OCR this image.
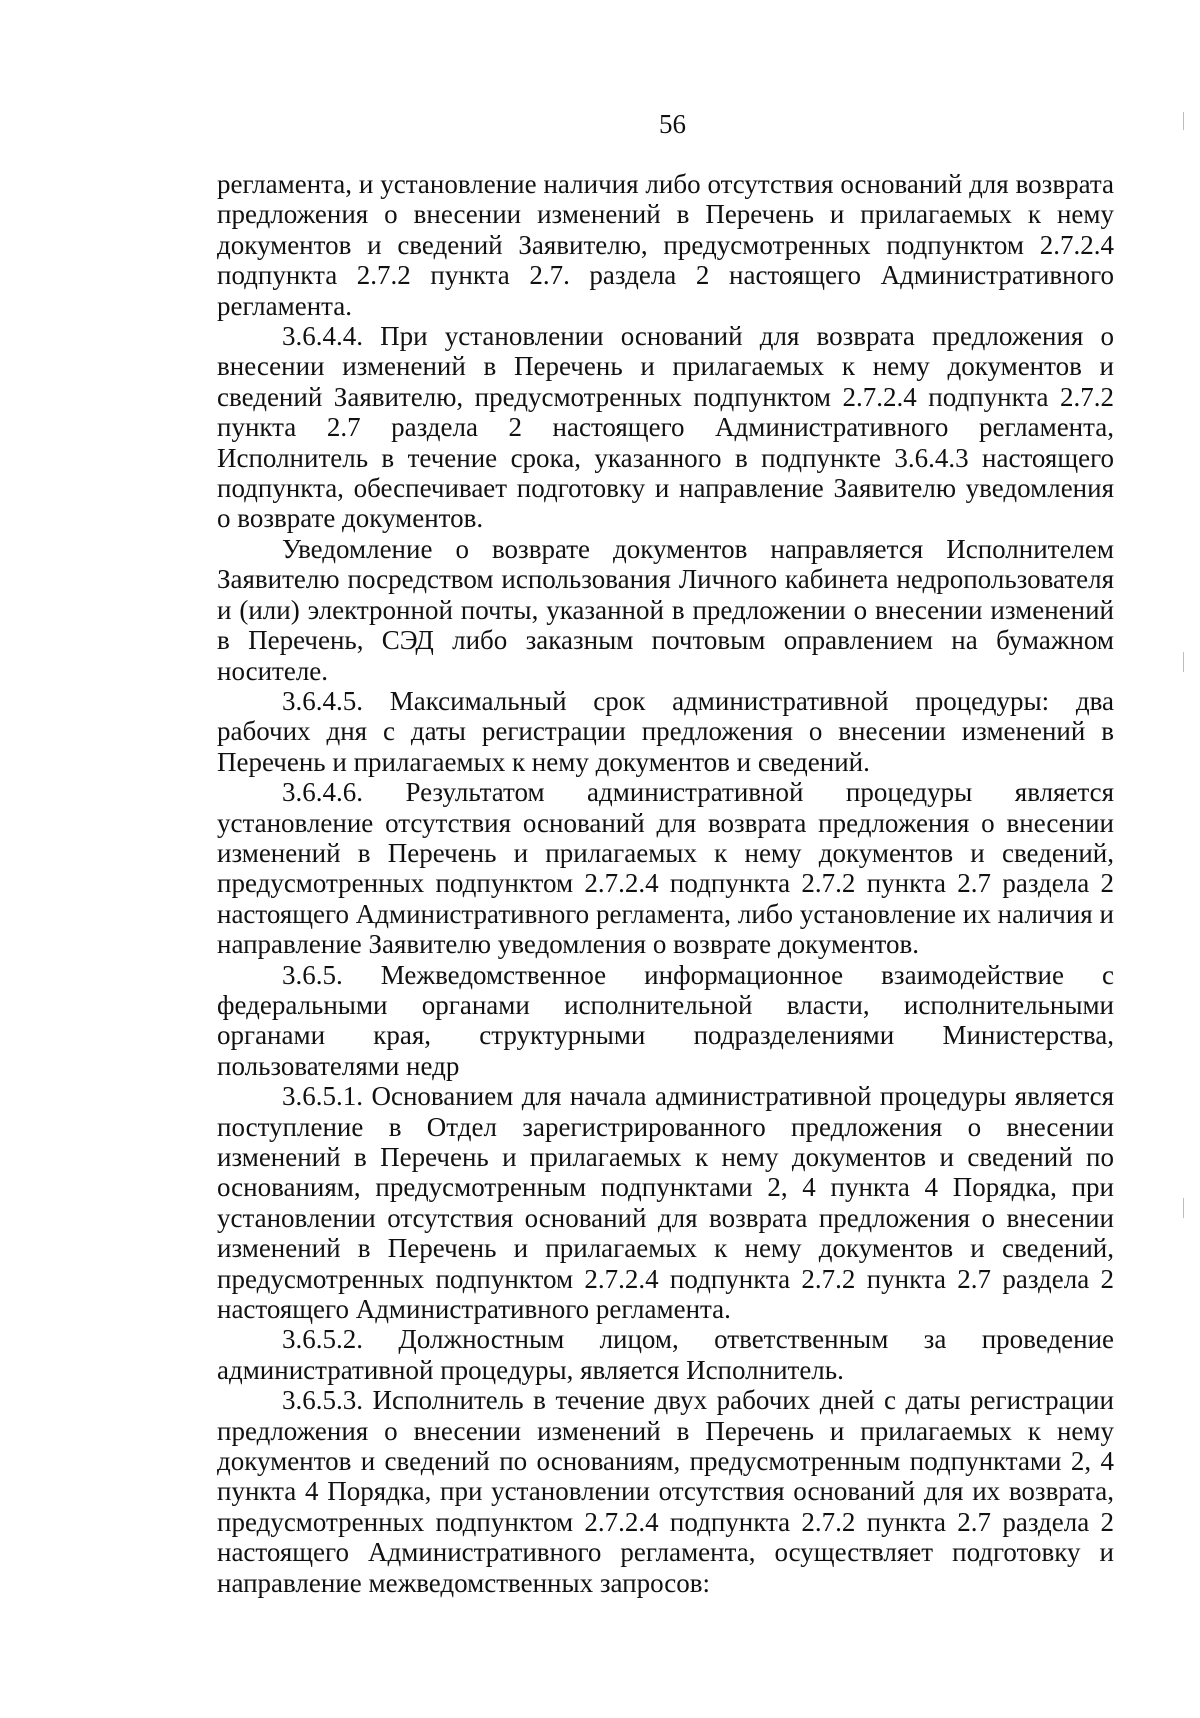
56

регламента, и установление наличия либо отсутствия оснований для возврата предложения о внесении изменений в Перечень и прилагаемых к нему документов и сведений Заявителю, предусмотренных подпунктом 2.7.2.4 подпункта 2.7.2 пункта 2.7. раздела 2 настоящего Административного регламента.

3.6.4.4. При установлении оснований для возврата предложения о внесении изменений в Перечень и прилагаемых к нему документов и сведений Заявителю, предусмотренных подпунктом 2.7.2.4 подпункта 2.7.2 пункта 2.7 раздела 2 настоящего Административного регламента, Исполнитель в течение срока, указанного в подпункте 3.6.4.3 настоящего подпункта, обеспечивает подготовку и направление Заявителю уведомления о возврате документов.

Уведомление о возврате документов направляется Исполнителем Заявителю посредством использования Личного кабинета недропользователя и (или) электронной почты, указанной в предложении о внесении изменений в Перечень, СЭД либо заказным почтовым оправлением на бумажном носителе.

3.6.4.5. Максимальный срок административной процедуры: два рабочих дня с даты регистрации предложения о внесении изменений в Перечень и прилагаемых к нему документов и сведений.

3.6.4.6. Результатом административной процедуры является установление отсутствия оснований для возврата предложения о внесении изменений в Перечень и прилагаемых к нему документов и сведений, предусмотренных подпунктом 2.7.2.4 подпункта 2.7.2 пункта 2.7 раздела 2 настоящего Административного регламента, либо установление их наличия и направление Заявителю уведомления о возврате документов.

3.6.5. Межведомственное информационное взаимодействие с федеральными органами исполнительной власти, исполнительными органами края, структурными подразделениями Министерства, пользователями недр

3.6.5.1. Основанием для начала административной процедуры является поступление в Отдел зарегистрированного предложения о внесении изменений в Перечень и прилагаемых к нему документов и сведений по основаниям, предусмотренным подпунктами 2, 4 пункта 4 Порядка, при установлении отсутствия оснований для возврата предложения о внесении изменений в Перечень и прилагаемых к нему документов и сведений, предусмотренных подпунктом 2.7.2.4 подпункта 2.7.2 пункта 2.7 раздела 2 настоящего Административного регламента.

3.6.5.2. Должностным лицом, ответственным за проведение административной процедуры, является Исполнитель.

3.6.5.3. Исполнитель в течение двух рабочих дней с даты регистрации предложения о внесении изменений в Перечень и прилагаемых к нему документов и сведений по основаниям, предусмотренным подпунктами 2, 4 пункта 4 Порядка, при установлении отсутствия оснований для их возврата, предусмотренных подпунктом 2.7.2.4 подпункта 2.7.2 пункта 2.7 раздела 2 настоящего Административного регламента, осуществляет подготовку и направление межведомственных запросов:
